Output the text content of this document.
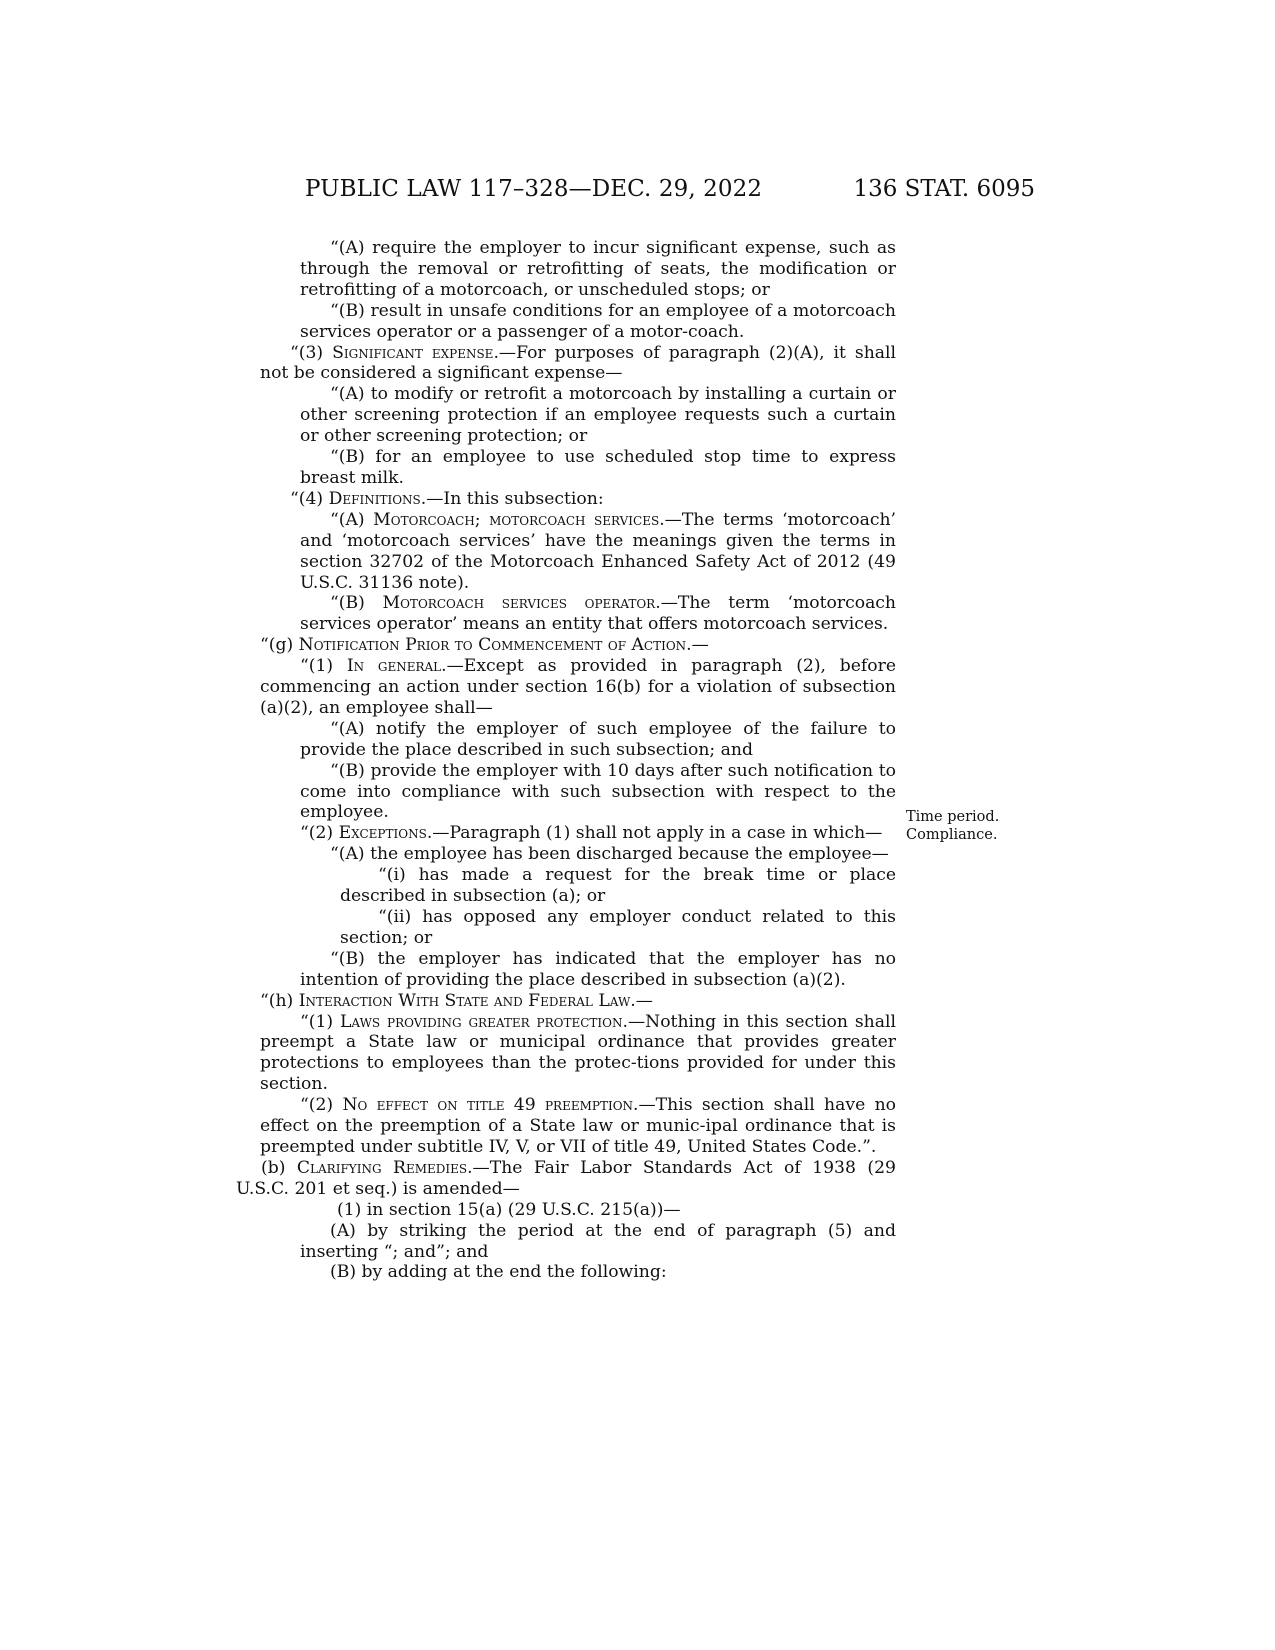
PUBLIC LAW 117–328—DEC. 29, 2022	136 STAT. 6095

“(A) require the employer to incur significant expense, such as through the removal or retrofitting of seats, the modification or retrofitting of a motorcoach, or unscheduled stops; or

“(B) result in unsafe conditions for an employee of a motorcoach services operator or a passenger of a motor-coach.

“(3) Significant expense.—For purposes of paragraph (2)(A), it shall not be considered a significant expense—

“(A) to modify or retrofit a motorcoach by installing a curtain or other screening protection if an employee requests such a curtain or other screening protection; or

“(B) for an employee to use scheduled stop time to express breast milk.

“(4) Definitions.—In this subsection:

“(A) Motorcoach; motorcoach services.—The terms ‘motorcoach’ and ‘motorcoach services’ have the meanings given the terms in section 32702 of the Motorcoach Enhanced Safety Act of 2012 (49 U.S.C. 31136 note).

“(B) Motorcoach services operator.—The term ‘motorcoach services operator’ means an entity that offers motorcoach services.

“(g) Notification Prior to Commencement of Action.—

“(1) In general.—Except as provided in paragraph (2), before commencing an action under section 16(b) for a violation of subsection (a)(2), an employee shall—

“(A) notify the employer of such employee of the failure to provide the place described in such subsection; and

“(B) provide the employer with 10 days after such notification to come into compliance with such subsection with respect to the employee.

“(2) Exceptions.—Paragraph (1) shall not apply in a case in which—

“(A) the employee has been discharged because the employee—

“(i) has made a request for the break time or place described in subsection (a); or

“(ii) has opposed any employer conduct related to this section; or

“(B) the employer has indicated that the employer has no intention of providing the place described in subsection (a)(2).

“(h) Interaction With State and Federal Law.—

“(1) Laws providing greater protection.—Nothing in this section shall preempt a State law or municipal ordinance that provides greater protections to employees than the protec-tions provided for under this section.

“(2) No effect on title 49 preemption.—This section shall have no effect on the preemption of a State law or munic-ipal ordinance that is preempted under subtitle IV, V, or VII of title 49, United States Code.”.

(b) Clarifying Remedies.—The Fair Labor Standards Act of 1938 (29 U.S.C. 201 et seq.) is amended—

(1) in section 15(a) (29 U.S.C. 215(a))—

(A) by striking the period at the end of paragraph (5) and inserting “; and”; and

(B) by adding at the end the following:

Time period.
Compliance.
